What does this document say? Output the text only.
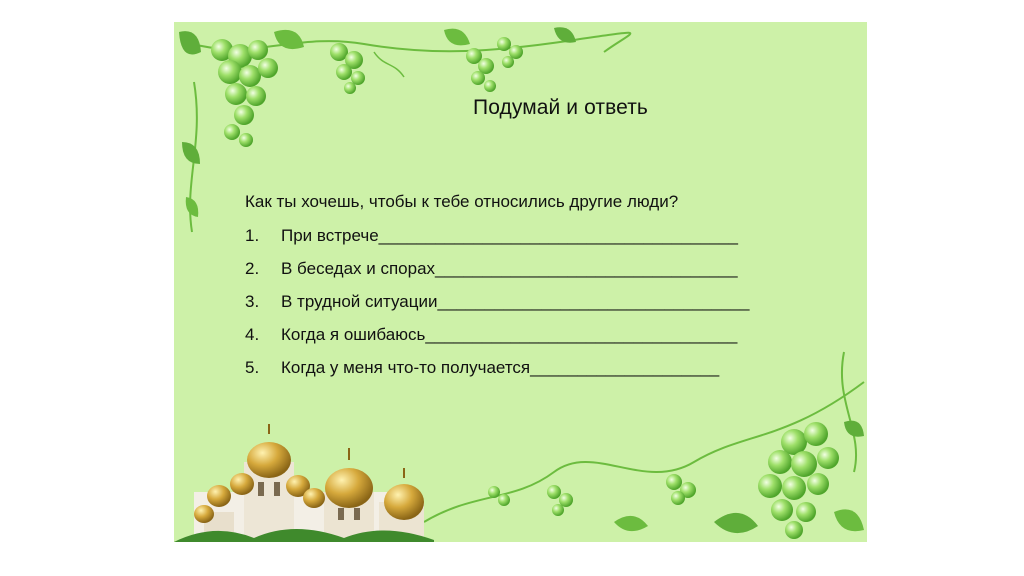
Подумай и ответь
Как ты хочешь, чтобы к тебе относились другие люди?
1. При встрече______________________________________
2. В беседах и спорах________________________________
3. В трудной ситуации_________________________________
4. Когда я ошибаюсь_________________________________
5. Когда у меня что-то получается____________________
